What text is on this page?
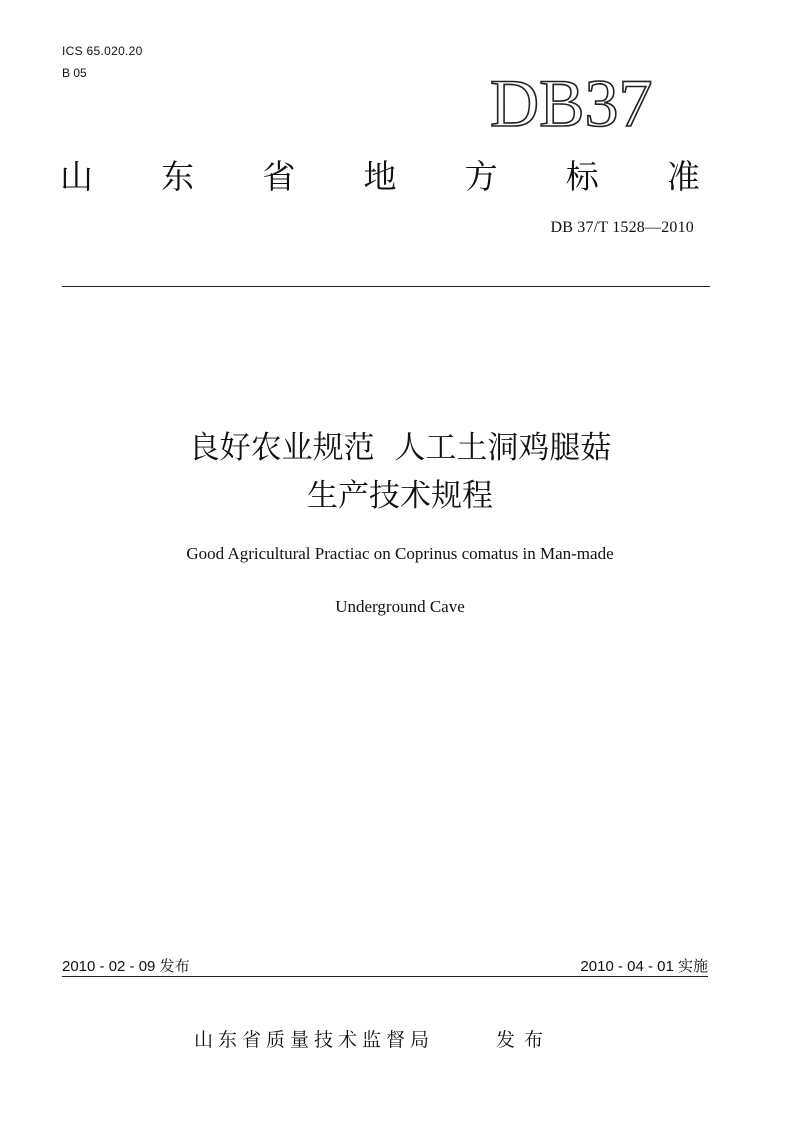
ICS 65.020.20
B 05	DB37
山 东 省 地 方 标 准
DB 37/T 1528—2010
良好农业规范  人工土洞鸡腿菇
生产技术规程
Good Agricultural Practiac on Coprinus comatus in Man-made
Underground Cave
2010 - 02 - 09 发布	2010 - 04 - 01 实施
山东省质量技术监督局	发布
